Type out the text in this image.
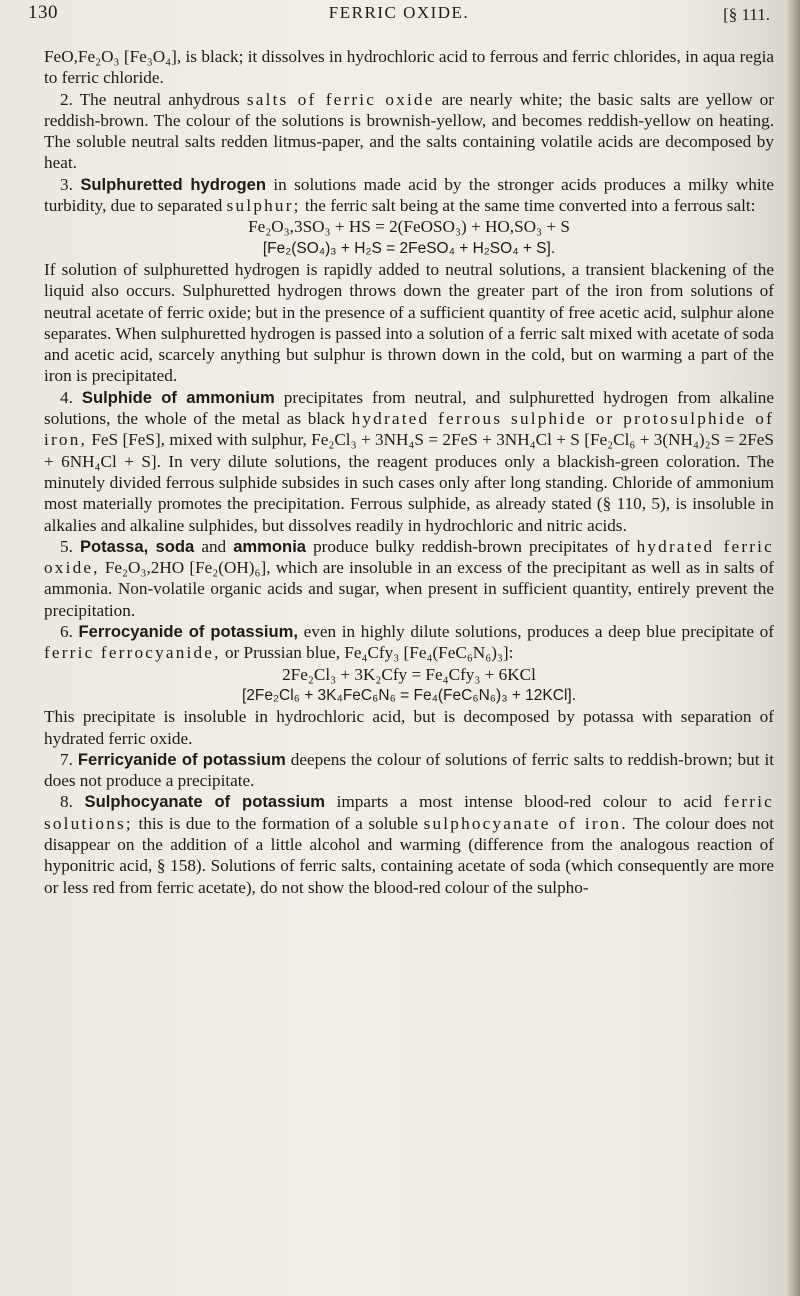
130	FERRIC OXIDE.	[§ 111.

FeO,Fe₂O₃ [Fe₃O₄], is black; it dissolves in hydrochloric acid to ferrous and ferric chlorides, in aqua regia to ferric chloride.

2. The neutral anhydrous salts of ferric oxide are nearly white; the basic salts are yellow or reddish-brown. The colour of the solutions is brownish-yellow, and becomes reddish-yellow on heating. The soluble neutral salts redden litmus-paper, and the salts containing volatile acids are decomposed by heat.

3. Sulphuretted hydrogen in solutions made acid by the stronger acids produces a milky white turbidity, due to separated sulphur; the ferric salt being at the same time converted into a ferrous salt:

Fe₂O₃,3SO₃ + HS = 2(FeOSO₃) + HO,SO₃ + S

[Fe₂(SO₄)₃ + H₂S = 2FeSO₄ + H₂SO₄ + S].

If solution of sulphuretted hydrogen is rapidly added to neutral solutions, a transient blackening of the liquid also occurs. Sulphuretted hydrogen throws down the greater part of the iron from solutions of neutral acetate of ferric oxide; but in the presence of a sufficient quantity of free acetic acid, sulphur alone separates. When sulphuretted hydrogen is passed into a solution of a ferric salt mixed with acetate of soda and acetic acid, scarcely anything but sulphur is thrown down in the cold, but on warming a part of the iron is precipitated.

4. Sulphide of ammonium precipitates from neutral, and sulphuretted hydrogen from alkaline solutions, the whole of the metal as black hydrated ferrous sulphide or protosulphide of iron, FeS [FeS], mixed with sulphur, Fe₂Cl₃ + 3NH₄S = 2FeS + 3NH₄Cl + S [Fe₂Cl₆ + 3(NH₄)₂S = 2FeS + 6NH₄Cl + S]. In very dilute solutions, the reagent produces only a blackish-green coloration. The minutely divided ferrous sulphide subsides in such cases only after long standing. Chloride of ammonium most materially promotes the precipitation. Ferrous sulphide, as already stated (§ 110, 5), is insoluble in alkalies and alkaline sulphides, but dissolves readily in hydrochloric and nitric acids.

5. Potassa, soda and ammonia produce bulky reddish-brown precipitates of hydrated ferric oxide, Fe₂O₃,2HO [Fe₂(OH)₆], which are insoluble in an excess of the precipitant as well as in salts of ammonia. Non-volatile organic acids and sugar, when present in sufficient quantity, entirely prevent the precipitation.

6. Ferrocyanide of potassium, even in highly dilute solutions, produces a deep blue precipitate of ferric ferrocyanide, or Prussian blue, Fe₄Cfy₃ [Fe₄(FeC₆N₆)₃]:

2Fe₂Cl₃ + 3K₂Cfy = Fe₄Cfy₃ + 6KCl

[2Fe₂Cl₆ + 3K₄FeC₆N₆ = Fe₄(FeC₆N₆)₃ + 12KCl].

This precipitate is insoluble in hydrochloric acid, but is decomposed by potassa with separation of hydrated ferric oxide.

7. Ferricyanide of potassium deepens the colour of solutions of ferric salts to reddish-brown; but it does not produce a precipitate.

8. Sulphocyanate of potassium imparts a most intense blood-red colour to acid ferric solutions; this is due to the formation of a soluble sulphocyanate of iron. The colour does not disappear on the addition of a little alcohol and warming (difference from the analogous reaction of hyponitric acid, § 158). Solutions of ferric salts, containing acetate of soda (which consequently are more or less red from ferric acetate), do not show the blood-red colour of the sulpho-
